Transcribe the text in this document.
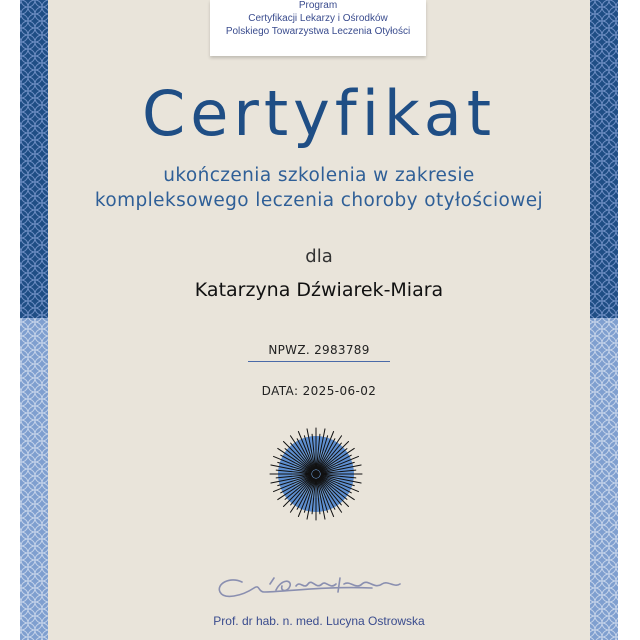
Program
Certyfikacji Lekarzy i Ośrodków
Polskiego Towarzystwa Leczenia Otyłości
Certyfikat
ukończenia szkolenia w zakresie
kompleksowego leczenia choroby otyłościowej
dla
Katarzyna Dźwiarek-Miara
NPWZ. 2983789
DATA: 2025-06-02
Prof. dr hab. n. med. Lucyna Ostrowska
